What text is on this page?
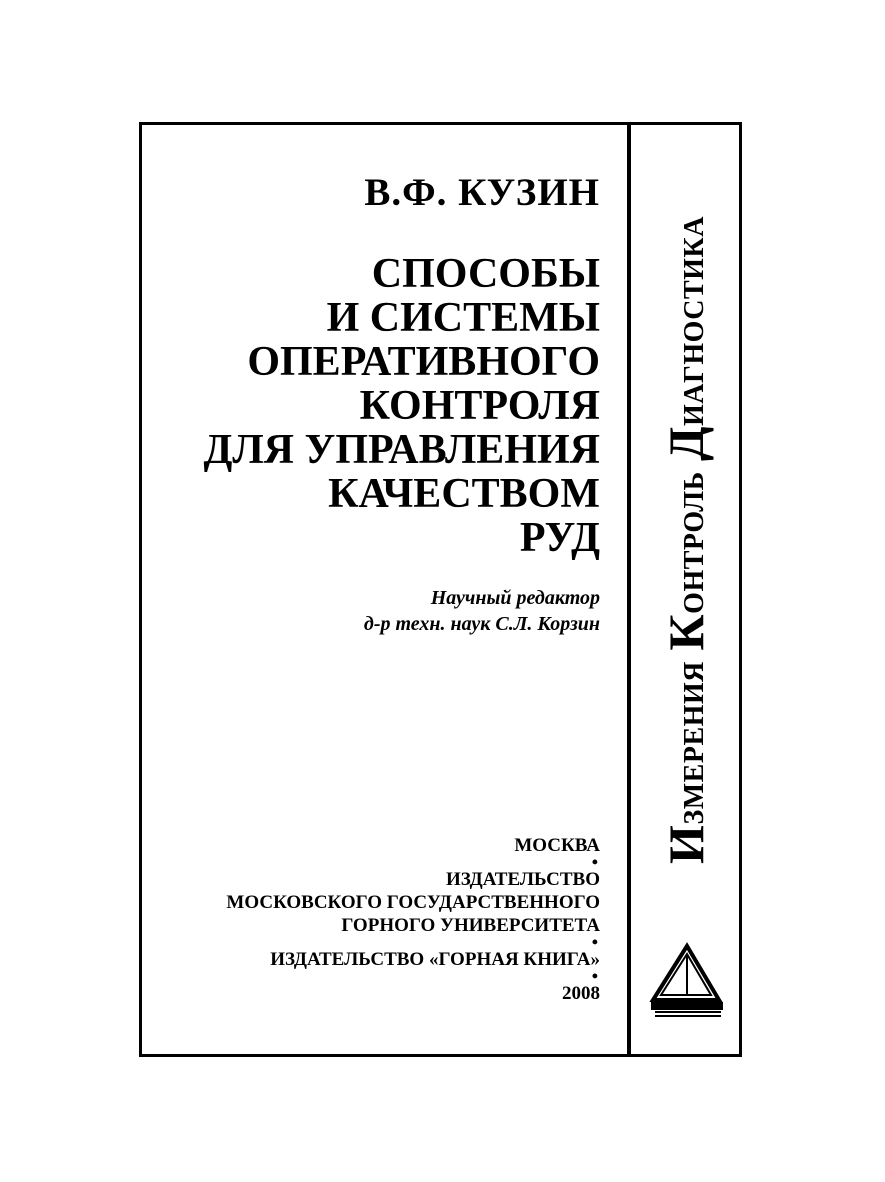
В.Ф. КУЗИН
СПОСОБЫ
И СИСТЕМЫ
ОПЕРАТИВНОГО
КОНТРОЛЯ
ДЛЯ УПРАВЛЕНИЯ
КАЧЕСТВОМ
РУД
Научный редактор
д-р техн. наук С.Л. Корзин
МОСКВА
•
ИЗДАТЕЛЬСТВО
МОСКОВСКОГО ГОСУДАРСТВЕННОГО
ГОРНОГО УНИВЕРСИТЕТА
•
ИЗДАТЕЛЬСТВО «ГОРНАЯ КНИГА»
•
2008
Измерения Контроль Диагностика
